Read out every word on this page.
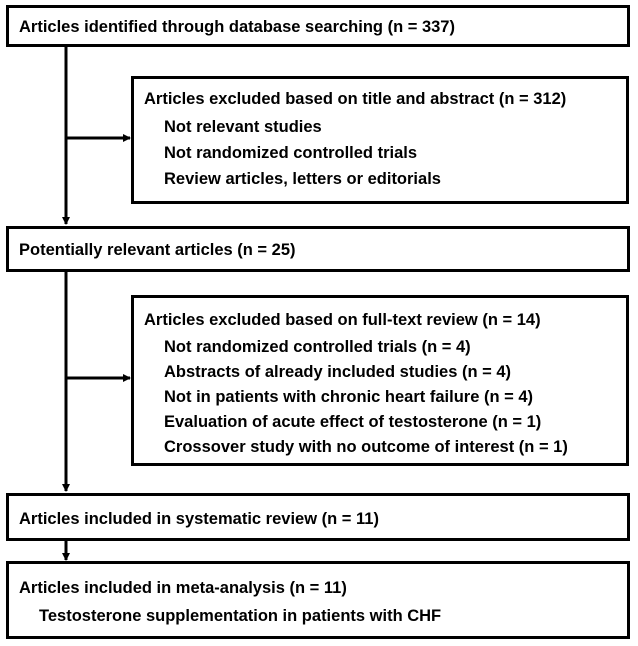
Articles identified through database searching (n = 337)
Articles excluded based on title and abstract (n = 312)
Not relevant studies
Not randomized controlled trials
Review articles, letters or editorials
Potentially relevant articles (n = 25)
Articles excluded based on full-text review (n = 14)
Not randomized controlled trials (n = 4)
Abstracts of already included studies (n = 4)
Not in patients with chronic heart failure (n = 4)
Evaluation of acute effect of testosterone (n = 1)
Crossover study with no outcome of interest (n = 1)
Articles included in systematic review (n = 11)
Articles included in meta-analysis (n = 11)
Testosterone supplementation in patients with CHF
